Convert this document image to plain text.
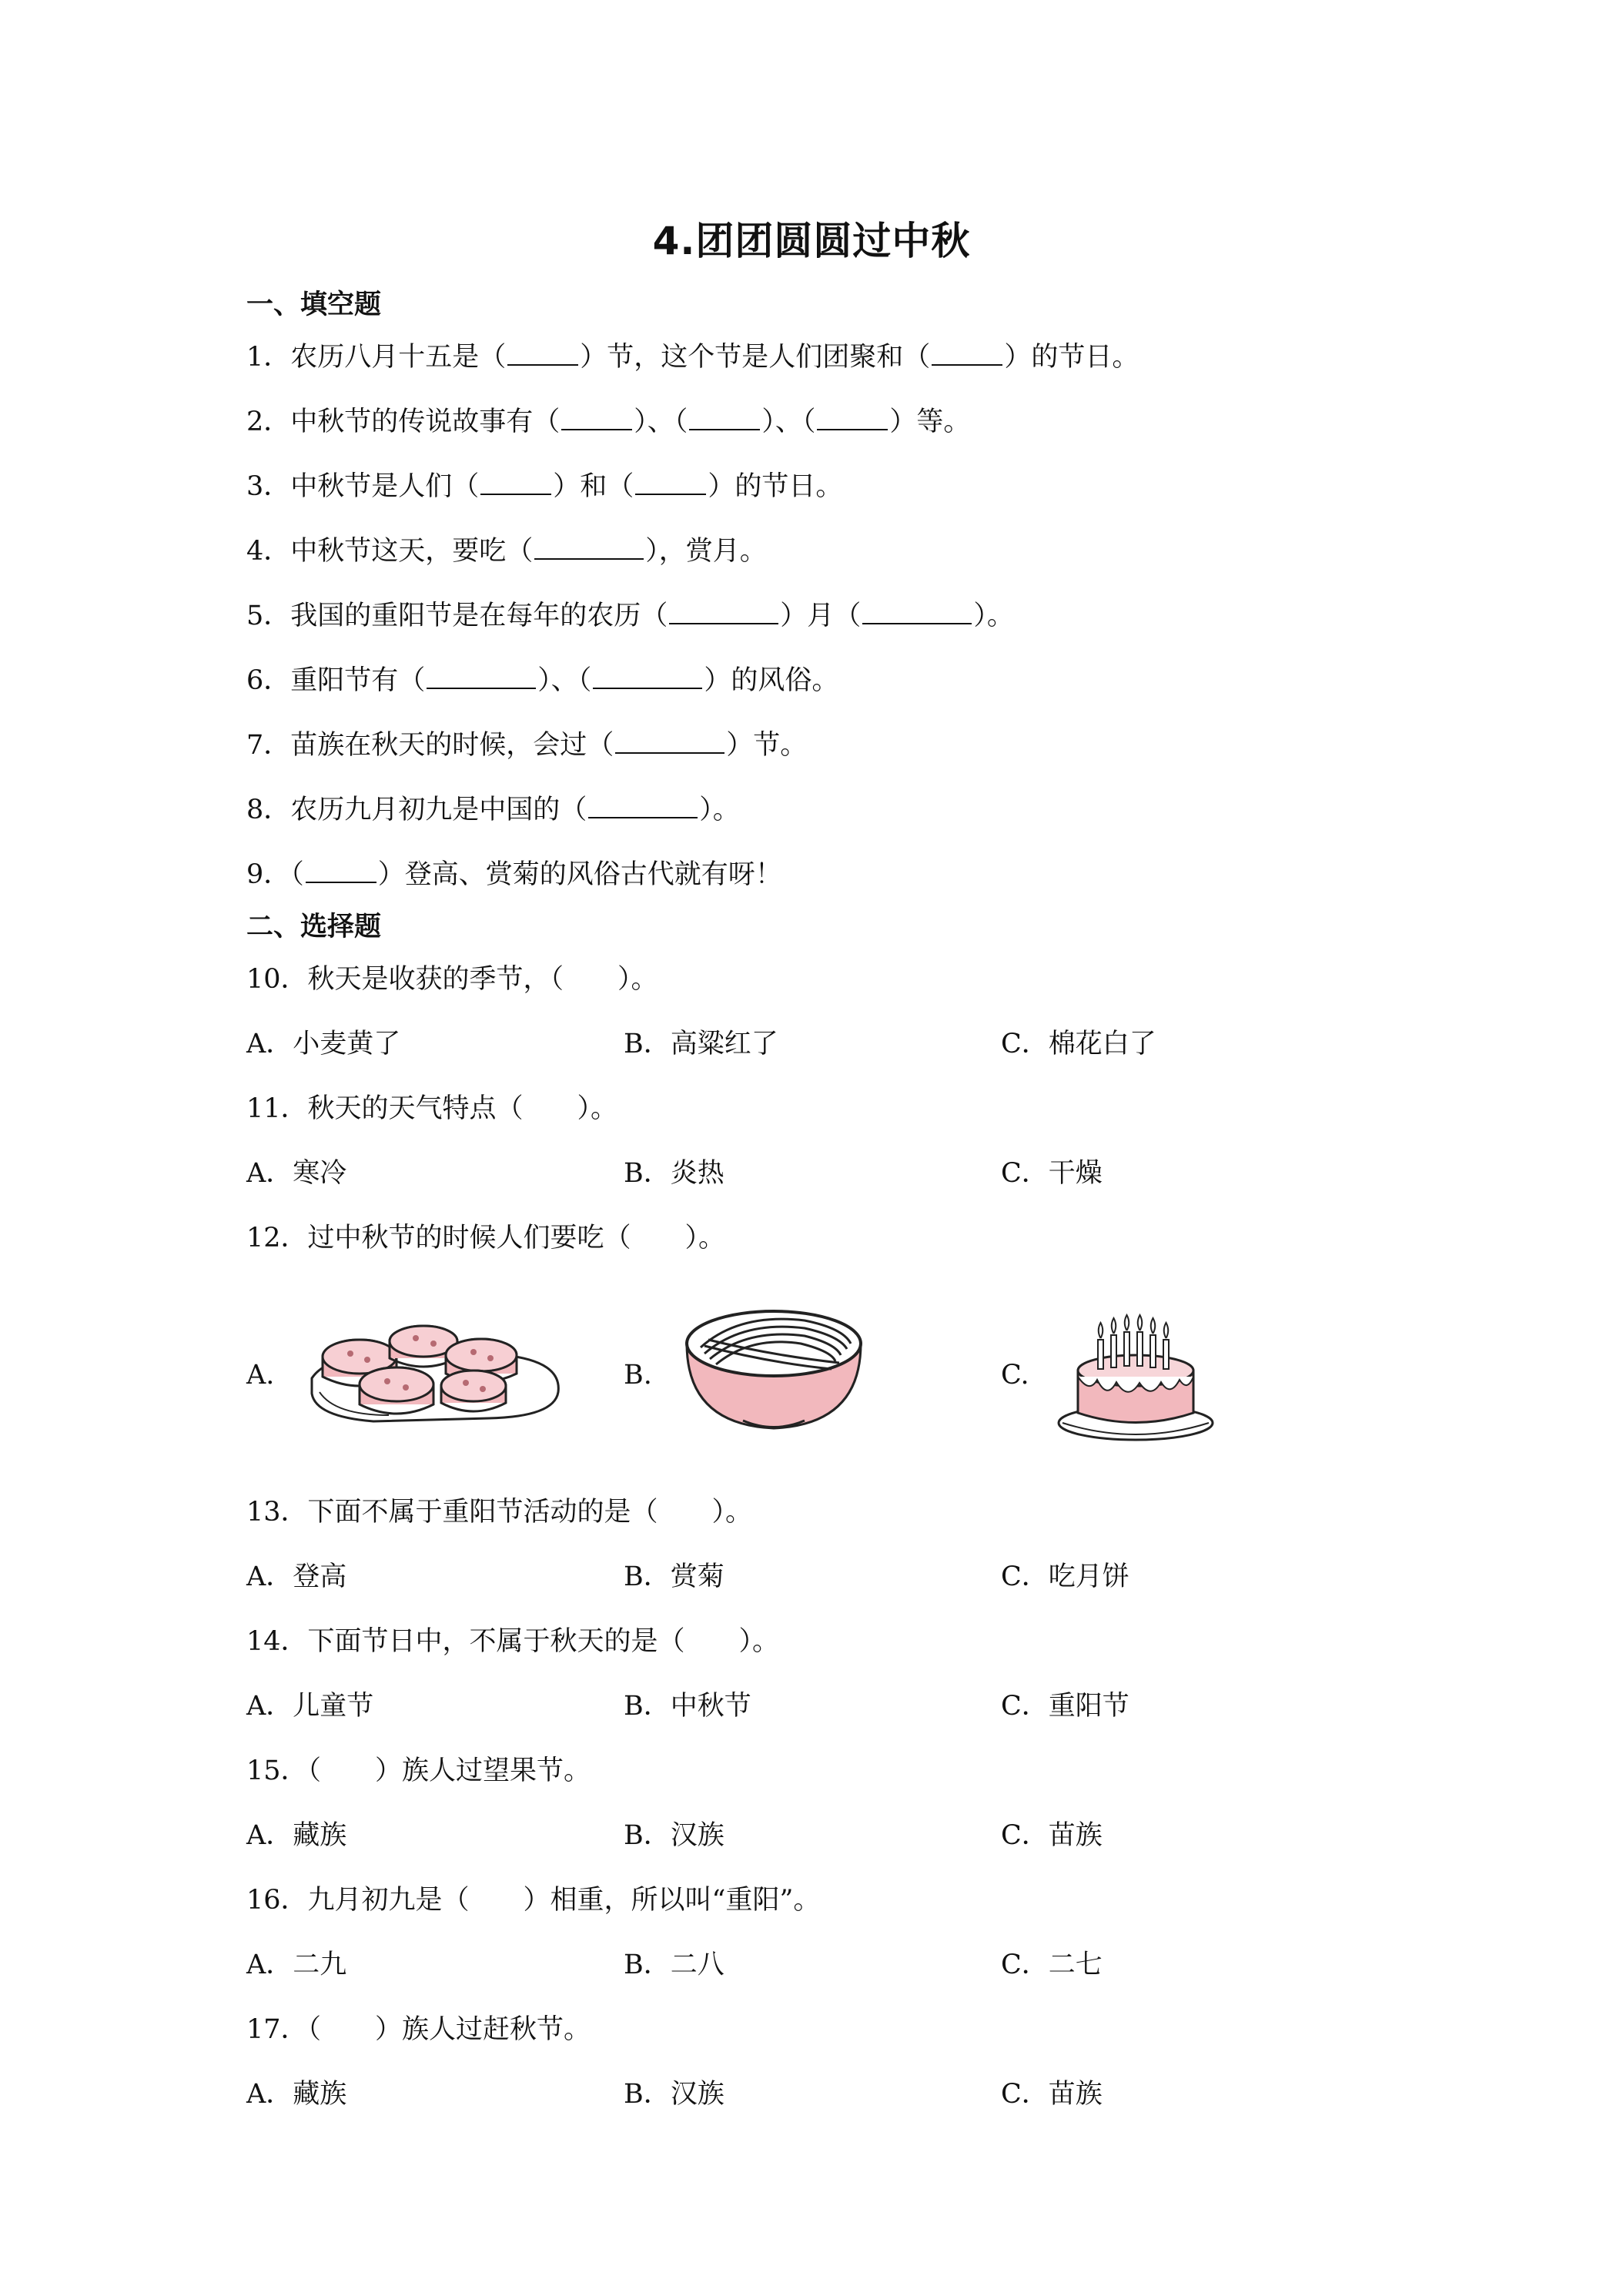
4.团团圆圆过中秋
一、填空题
1．农历八月十五是（	）节，这个节是人们团聚和（	）的节日。
2．中秋节的传说故事有（	）、（	）、（	）等。
3．中秋节是人们（	）和（	）的节日。
4．中秋节这天，要吃（	），赏月。
5．我国的重阳节是在每年的农历（	）月（	）。
6．重阳节有（	）、（	）的风俗。
7．苗族在秋天的时候，会过（	）节。
8．农历九月初九是中国的（	）。
9．（	）登高、赏菊的风俗古代就有呀！
二、选择题
10．秋天是收获的季节，（　　）。
A．小麦黄了	B．高粱红了	C．棉花白了
11．秋天的天气特点（　　）。
A．寒冷	B．炎热	C．干燥
12．过中秋节的时候人们要吃（　　）。
A.	B.	C.
13．下面不属于重阳节活动的是（　　）。
A．登高	B．赏菊	C．吃月饼
14．下面节日中，不属于秋天的是（　　）。
A．儿童节	B．中秋节	C．重阳节
15．（　　）族人过望果节。
A．藏族	B．汉族	C．苗族
16．九月初九是（　　）相重，所以叫“重阳”。
A．二九	B．二八	C．二七
17．（　　）族人过赶秋节。
A．藏族	B．汉族	C．苗族
